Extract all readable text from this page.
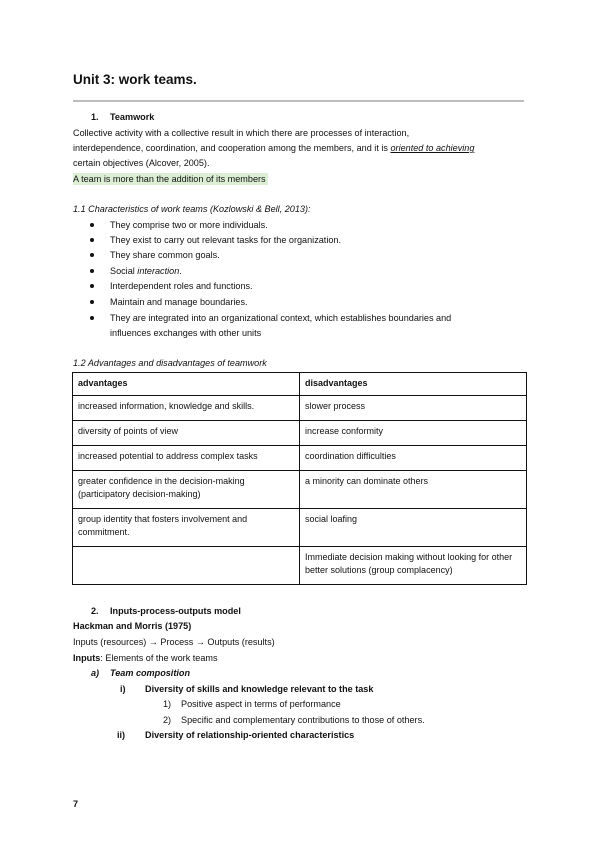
Unit 3: work teams.
1. Teamwork
Collective activity with a collective result in which there are processes of interaction,
interdependence, coordination, and cooperation among the members, and it is oriented to achieving
certain objectives (Alcover, 2005).
A team is more than the addition of its members
1.1 Characteristics of work teams (Kozlowski & Bell, 2013):
They comprise two or more individuals.
They exist to carry out relevant tasks for the organization.
They share common goals.
Social interaction.
Interdependent roles and functions.
Maintain and manage boundaries.
They are integrated into an organizational context, which establishes boundaries and
influences exchanges with other units
1.2 Advantages and disadvantages of teamwork
advantages	disadvantages
increased information, knowledge and skills.	slower process
diversity of points of view	increase conformity
increased potential to address complex tasks	coordination difficulties
greater confidence in the decision-making (participatory decision-making)	a minority can dominate others
group identity that fosters involvement and commitment.	social loafing
	Immediate decision making without looking for other better solutions (group complacency)
2. Inputs-process-outputs model
Hackman and Morris (1975)
Inputs (resources) → Process → Outputs (results)
Inputs: Elements of the work teams
a) Team composition
i) Diversity of skills and knowledge relevant to the task
1) Positive aspect in terms of performance
2) Specific and complementary contributions to those of others.
ii) Diversity of relationship-oriented characteristics
7
